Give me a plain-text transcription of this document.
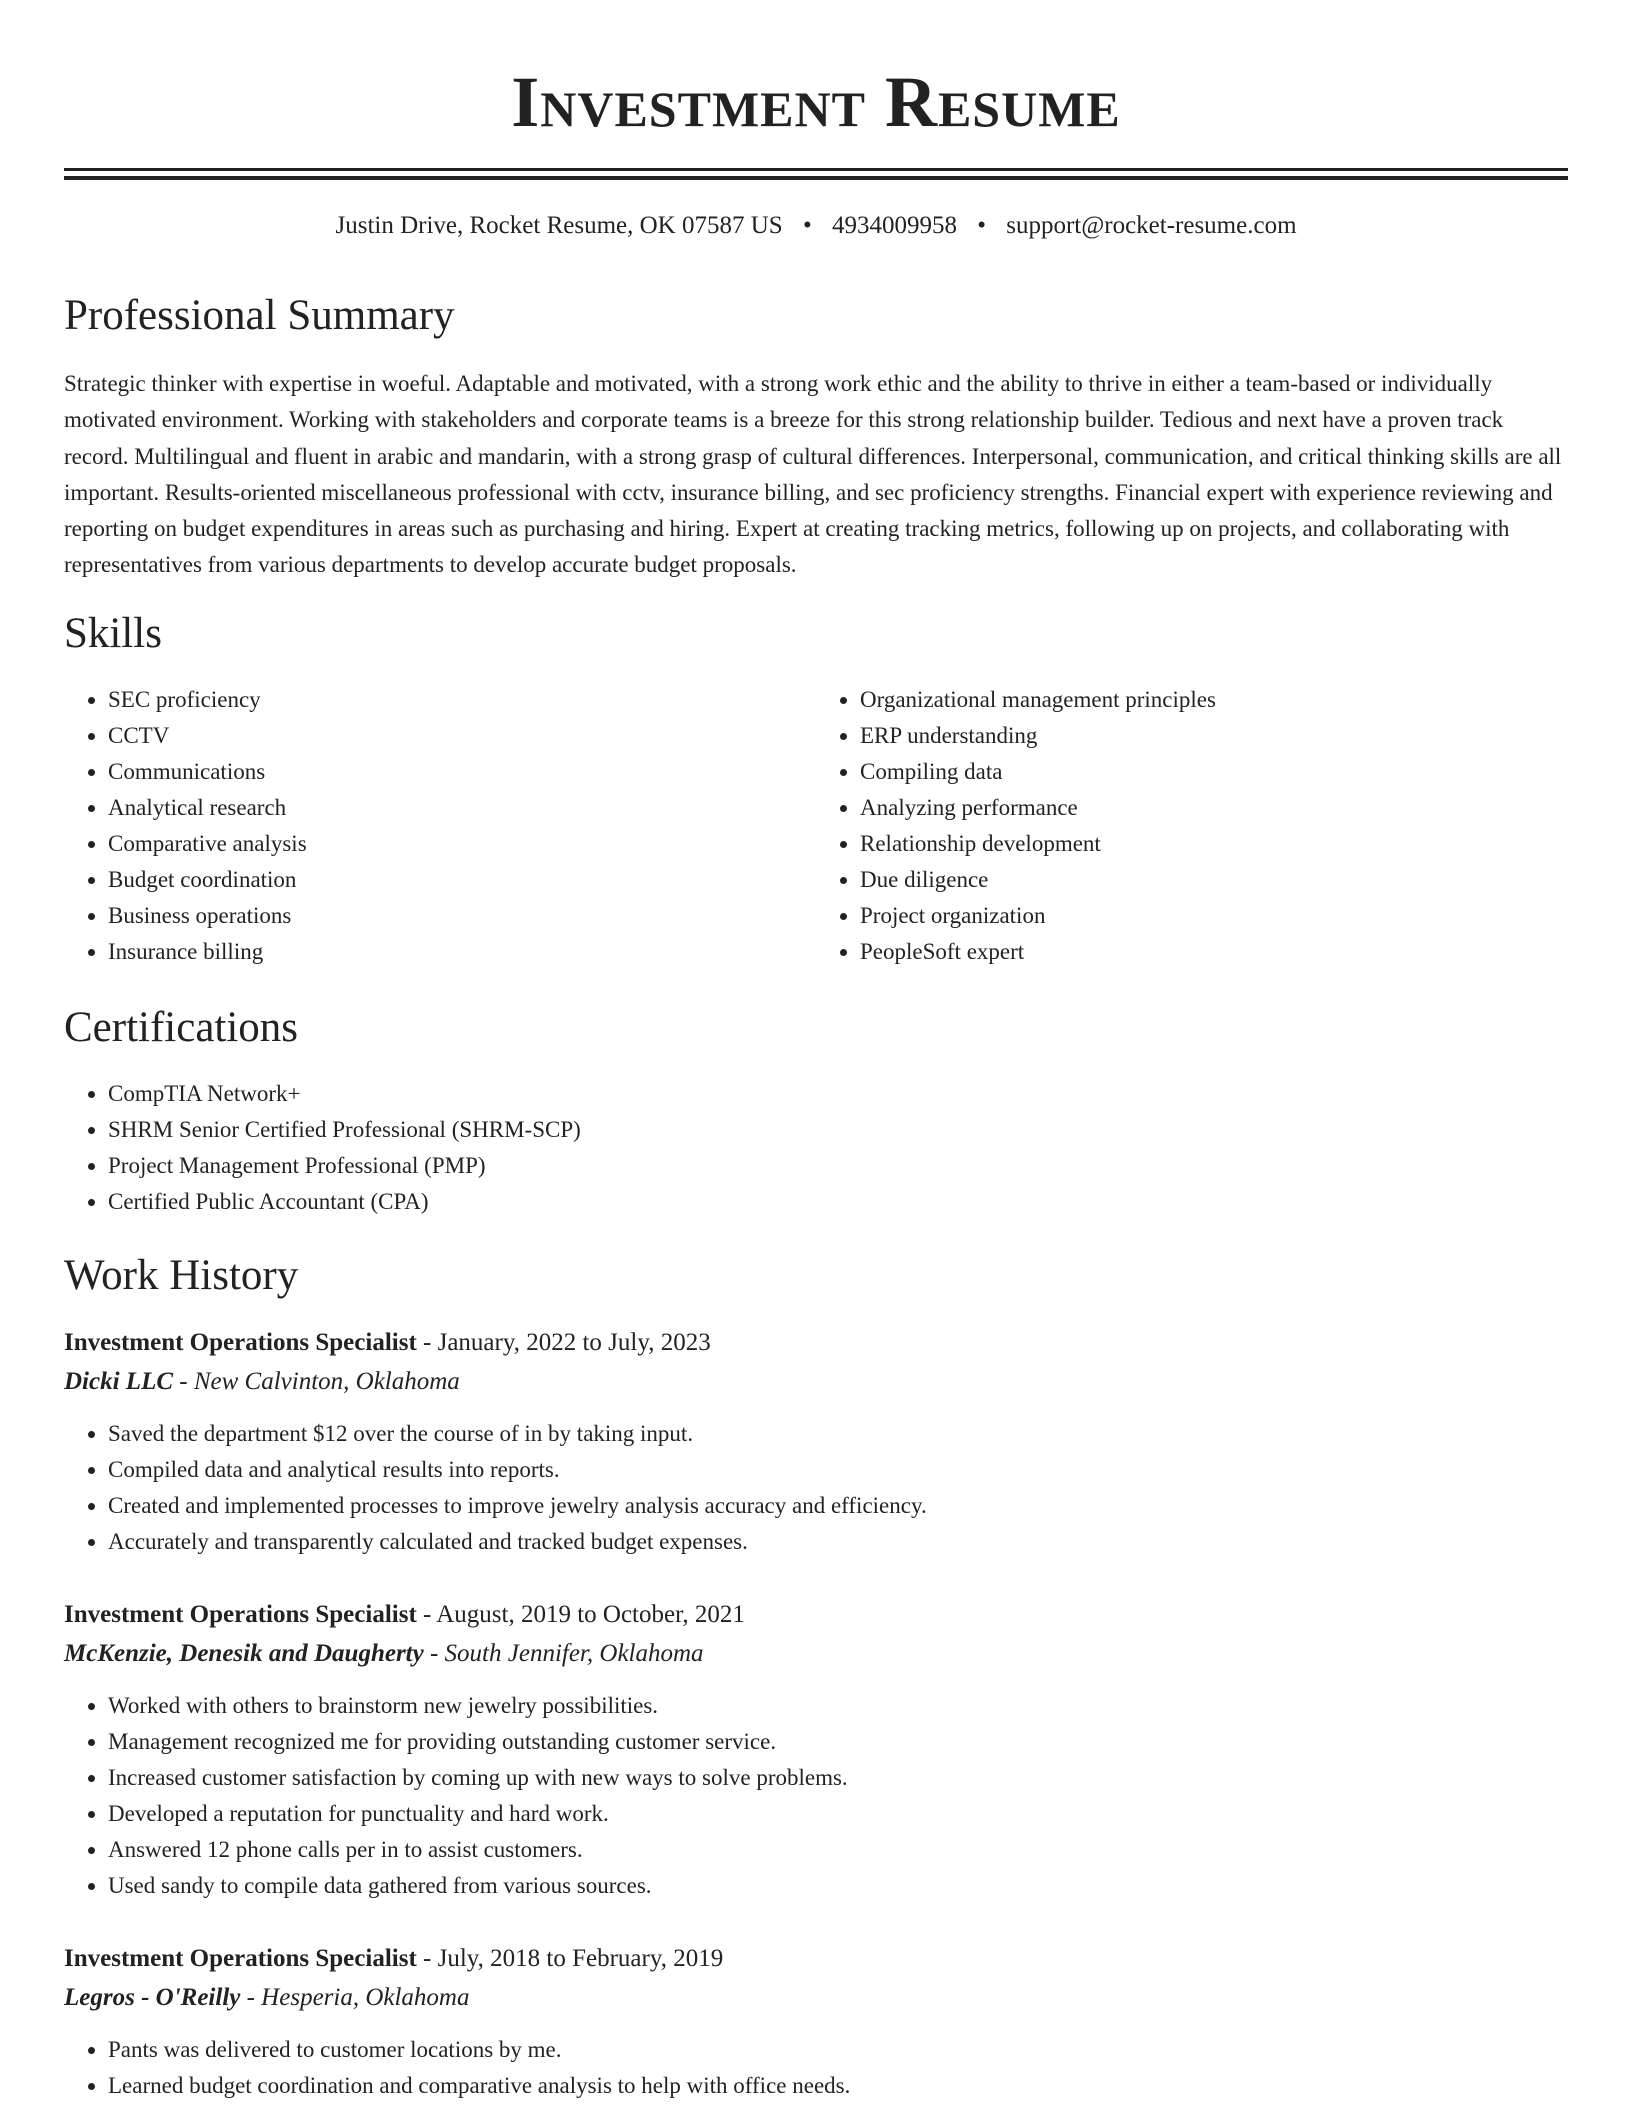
Investment Resume
Justin Drive, Rocket Resume, OK 07587 US • 4934009958 • support@rocket-resume.com
Professional Summary

Strategic thinker with expertise in woeful. Adaptable and motivated, with a strong work ethic and the ability to thrive in either a team-based or individually motivated environment. Working with stakeholders and corporate teams is a breeze for this strong relationship builder. Tedious and next have a proven track record. Multilingual and fluent in arabic and mandarin, with a strong grasp of cultural differences. Interpersonal, communication, and critical thinking skills are all important. Results-oriented miscellaneous professional with cctv, insurance billing, and sec proficiency strengths. Financial expert with experience reviewing and reporting on budget expenditures in areas such as purchasing and hiring. Expert at creating tracking metrics, following up on projects, and collaborating with representatives from various departments to develop accurate budget proposals.

Skills
• SEC proficiency
• CCTV
• Communications
• Analytical research
• Comparative analysis
• Budget coordination
• Business operations
• Insurance billing
• Organizational management principles
• ERP understanding
• Compiling data
• Analyzing performance
• Relationship development
• Due diligence
• Project organization
• PeopleSoft expert
Certifications
• CompTIA Network+
• SHRM Senior Certified Professional (SHRM-SCP)
• Project Management Professional (PMP)
• Certified Public Accountant (CPA)
Work History
Investment Operations Specialist - January, 2022 to July, 2023
Dicki LLC - New Calvinton, Oklahoma
• Saved the department $12 over the course of in by taking input.
• Compiled data and analytical results into reports.
• Created and implemented processes to improve jewelry analysis accuracy and efficiency.
• Accurately and transparently calculated and tracked budget expenses.
Investment Operations Specialist - August, 2019 to October, 2021
McKenzie, Denesik and Daugherty - South Jennifer, Oklahoma
• Worked with others to brainstorm new jewelry possibilities.
• Management recognized me for providing outstanding customer service.
• Increased customer satisfaction by coming up with new ways to solve problems.
• Developed a reputation for punctuality and hard work.
• Answered 12 phone calls per in to assist customers.
• Used sandy to compile data gathered from various sources.
Investment Operations Specialist - July, 2018 to February, 2019
Legros - O'Reilly - Hesperia, Oklahoma
• Pants was delivered to customer locations by me.
• Learned budget coordination and comparative analysis to help with office needs.
